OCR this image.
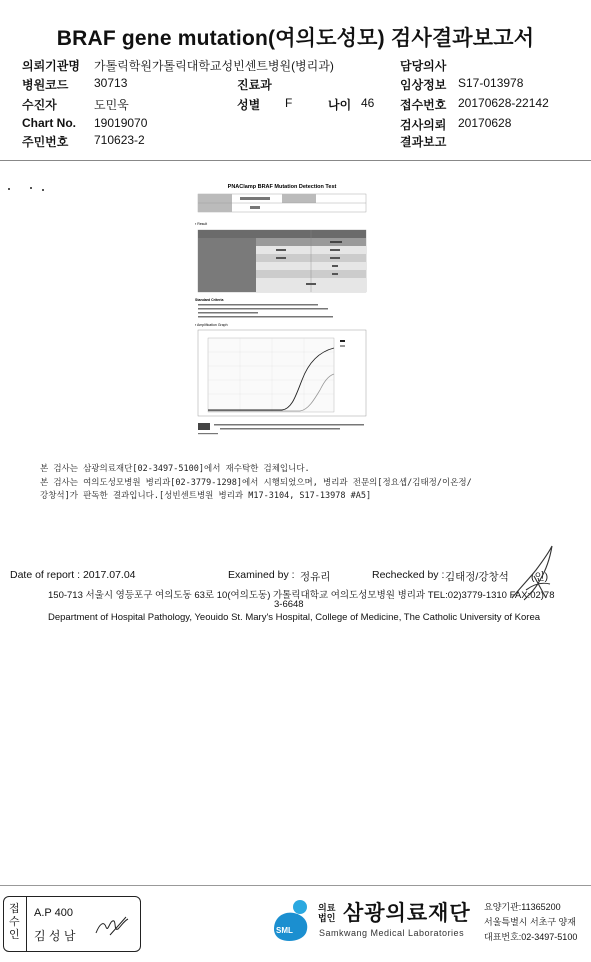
BRAF gene mutation(여의도성모) 검사결과보고서
의뢰기관명 가톨릭학원가톨릭대학교성빈센트병원(병리과)	담당의사
병원코드 30713	진료과	임상정보 S17-013978
수진자	도민욱	성별 F	나이 46 접수번호 20170628-22142
Chart No. 19019070	검사의뢰 20170628
주민번호 710623-2	결과보고
PNAClamp BRAF Mutation Detection Test
▪ Result
Standard Criteria
▪ Amplification Graph
본 검사는 삼광의료재단[02-3497-5100]에서 재수탁한 검체입니다.
본 검사는 여의도성모병원 병리과[02-3779-1298]에서 시행되었으며, 병리과 전문의[정요셉/김태정/이온정/
강창석]가 판독한 결과입니다.[성빈센트병원 병리과 M17-3104, S17-13978 #A5]
Date of report : 2017.07.04	Examined by : 정유리	Rechecked by : 김태정/강창석 (인)
150-713 서울시 영등포구 여의도동 63로 10(여의도동) 가톨릭대학교 여의도성모병원 병리과 TEL:02)3779-1310 FAX:02)78
3-6648
Department of Hospital Pathology, Yeouido St. Mary's Hospital, College of Medicine, The Catholic University of Korea
접수인
A.P 400
김 성 남	SML
의료
법인 삼광의료재단
Samkwang Medical Laboratories
요양기관:11365200
서울특별시 서초구 양재
대표번호:02-3497-5100
